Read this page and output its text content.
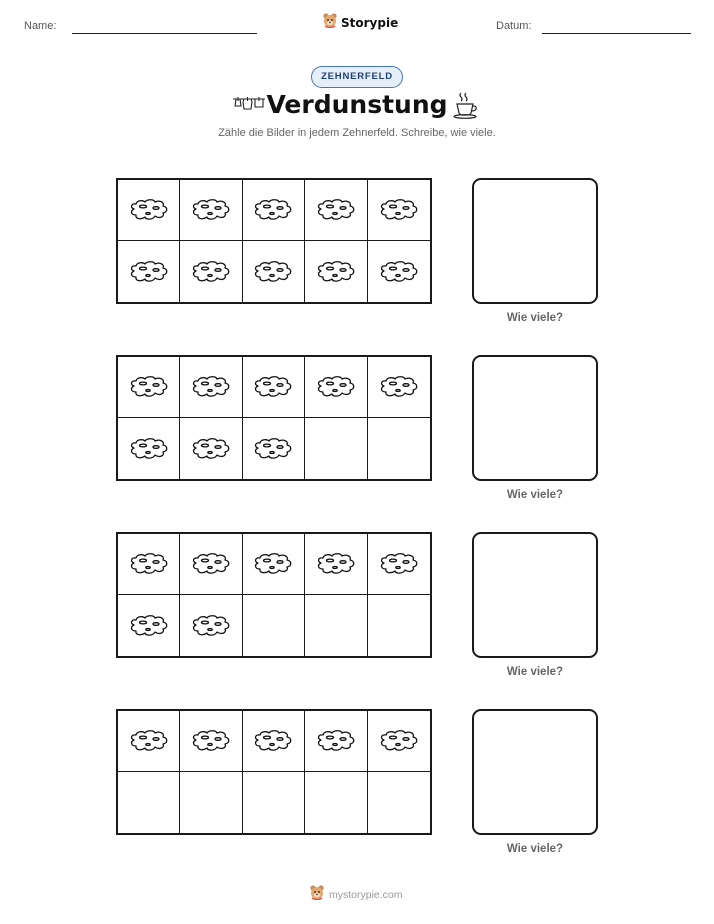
Name:	Storypie	Datum:
ZEHNERFELD
Verdunstung
Zähle die Bilder in jedem Zehnerfeld. Schreibe, wie viele.
Wie viele?
Wie viele?
Wie viele?
Wie viele?
mystorypie.com
